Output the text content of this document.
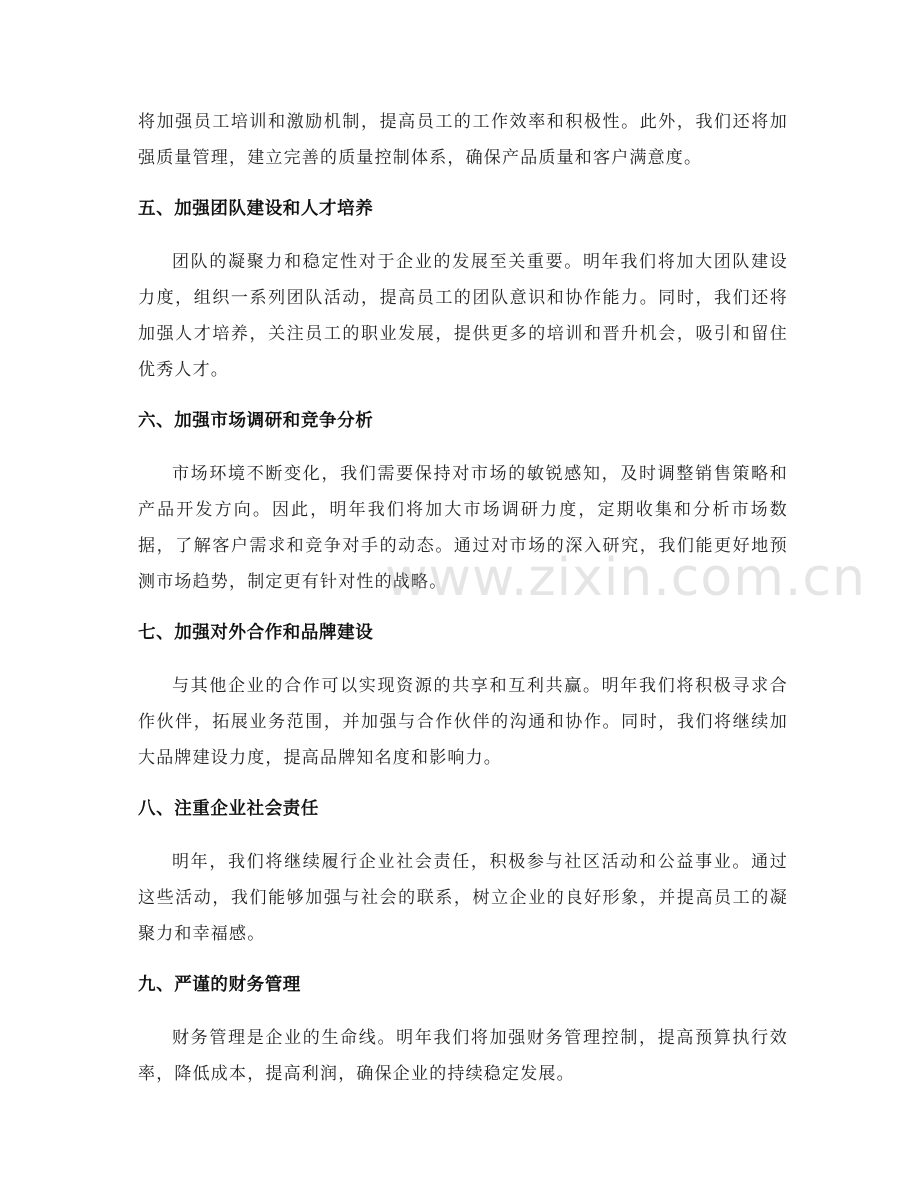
将加强员工培训和激励机制，提高员工的工作效率和积极性。此外，我们还将加强质量管理，建立完善的质量控制体系，确保产品质量和客户满意度。

五、加强团队建设和人才培养

团队的凝聚力和稳定性对于企业的发展至关重要。明年我们将加大团队建设力度，组织一系列团队活动，提高员工的团队意识和协作能力。同时，我们还将加强人才培养，关注员工的职业发展，提供更多的培训和晋升机会，吸引和留住优秀人才。

六、加强市场调研和竞争分析

市场环境不断变化，我们需要保持对市场的敏锐感知，及时调整销售策略和产品开发方向。因此，明年我们将加大市场调研力度，定期收集和分析市场数据，了解客户需求和竞争对手的动态。通过对市场的深入研究，我们能更好地预测市场趋势，制定更有针对性的战略。

七、加强对外合作和品牌建设

与其他企业的合作可以实现资源的共享和互利共赢。明年我们将积极寻求合作伙伴，拓展业务范围，并加强与合作伙伴的沟通和协作。同时，我们将继续加大品牌建设力度，提高品牌知名度和影响力。

八、注重企业社会责任

明年，我们将继续履行企业社会责任，积极参与社区活动和公益事业。通过这些活动，我们能够加强与社会的联系，树立企业的良好形象，并提高员工的凝聚力和幸福感。

九、严谨的财务管理

财务管理是企业的生命线。明年我们将加强财务管理控制，提高预算执行效率，降低成本，提高利润，确保企业的持续稳定发展。

www.zixin.com.cn
